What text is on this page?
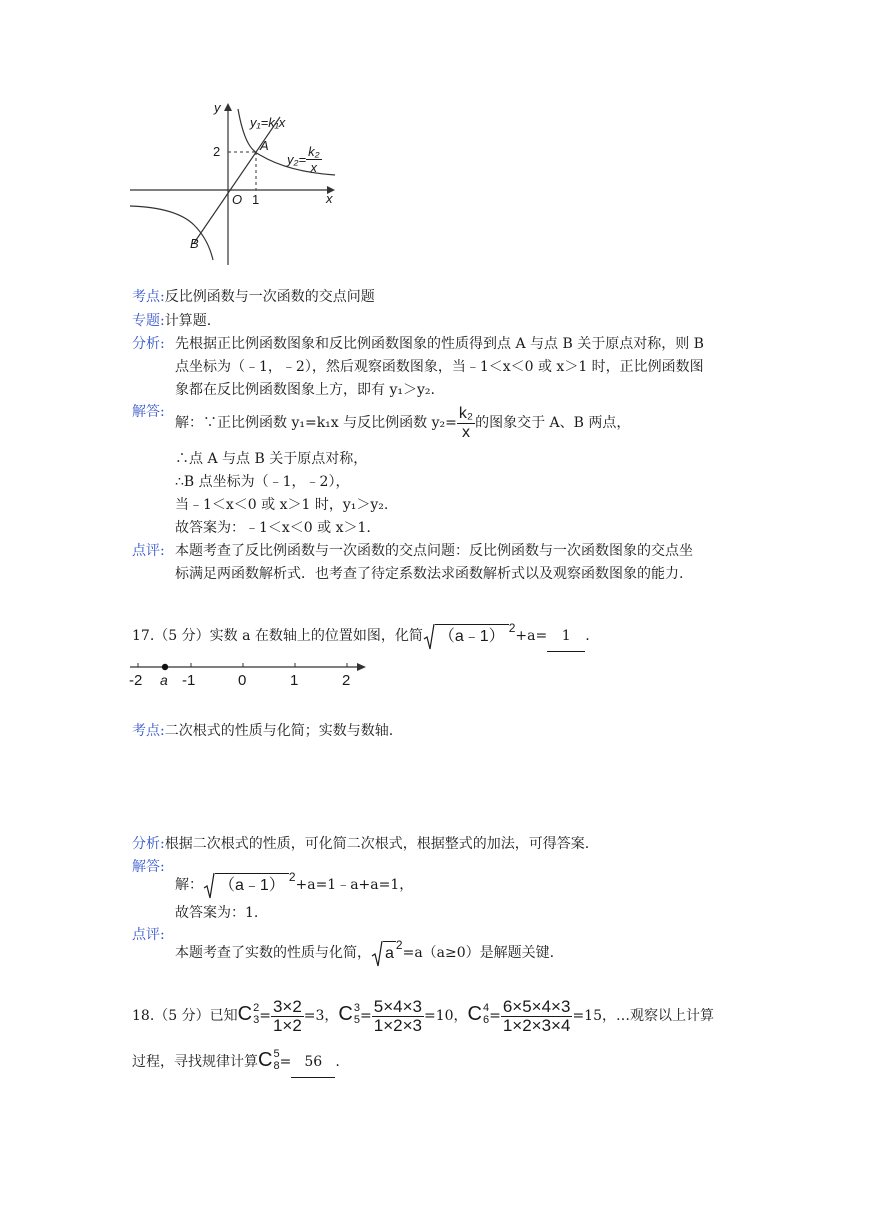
y
x
O 1
2	A
B
y₁=k₁x
$y_2= \frac{\text{k₂}}{x}$
考点:反比例函数与一次函数的交点问题
专题:计算题.
分析: 先根据正比例函数图象和反比例函数图象的性质得到点 A 与点 B 关于原点对称，则 B
点坐标为（﹣1，﹣2），然后观察函数图象，当﹣1＜x＜0 或 x＞1 时，正比例函数图
象都在反比例函数图象上方，即有 y₁＞y₂.
解答:
解：∵正比例函数 y₁=k₁x 与反比例函数 $y_2= \frac{\text{k₂}}{x}$ 的图象交于 A、B 两点，
∴点 A 与点 B 关于原点对称，
∴B 点坐标为（﹣1，﹣2），
当﹣1＜x＜0 或 x＞1 时，y₁＞y₂.
故答案为：﹣1＜x＜0 或 x＞1.
点评: 本题考查了反比例函数与一次函数的交点问题：反比例函数与一次函数图象的交点坐
标满足两函数解析式．也考查了待定系数法求函数解析式以及观察函数图象的能力.
17.（5 分）实数 a 在数轴上的位置如图，化简 （a﹣1） 2+a= 1 .
-2 a -1	0	1	2
考点:二次根式的性质与化简；实数与数轴.
分析:根据二次根式的性质，可化简二次根式，根据整式的加法，可得答案.
解答:
解： （a﹣1） 2+a=1﹣a+a=1，
故答案为：1.
点评:
本题考查了实数的性质与化简， a 2=a（a≥0）是解题关键.
18.（5 分）已知 C 2
$3 = \frac{3\times 2}{1\times 2} =3$， C 3
$5 = \frac{5\times 4\times 3}{1\times 2\times 3} =10$， C 4
$6 = \frac{6\times 5\times 4\times 3}{1\times 2\times 3\times 4} =15$，…观察以上计算
过程，寻找规律计算 C 5
8 = 56 .
